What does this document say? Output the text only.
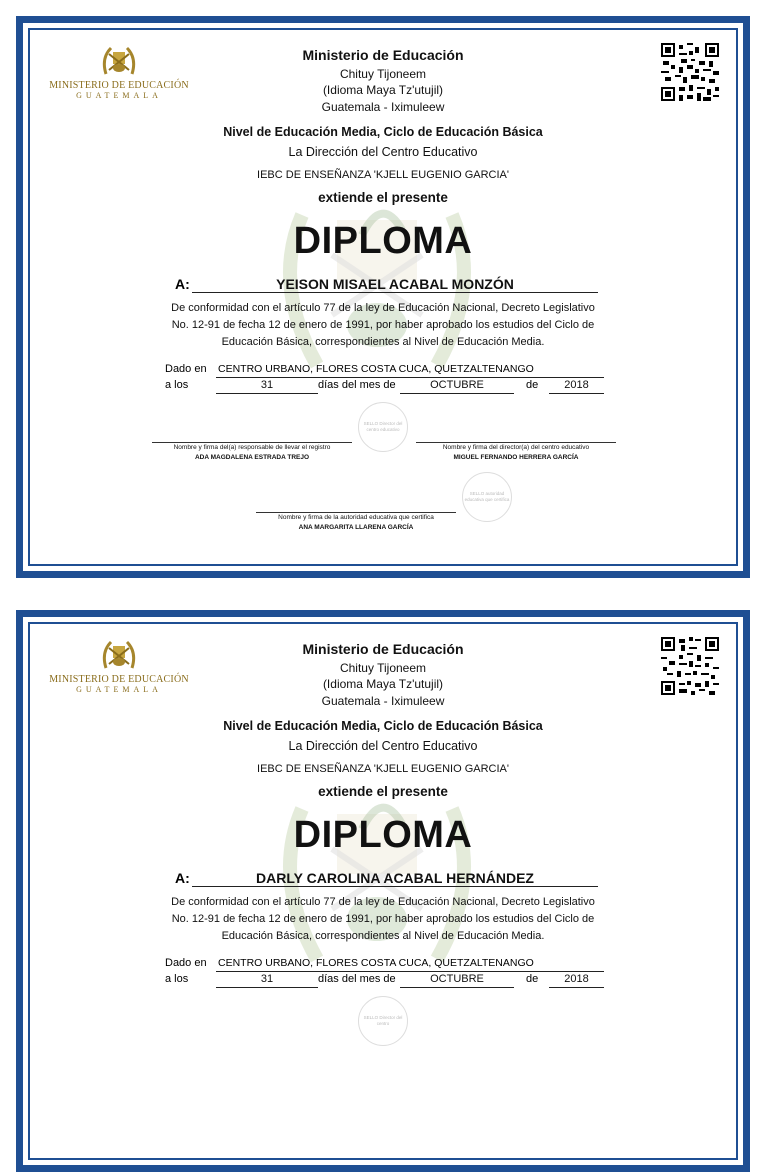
MINISTERIO DE EDUCACIÓN
GUATEMALA
Ministerio de Educación
Chituy Tijoneem
(Idioma Maya Tz'utujil)
Guatemala - Iximuleew
Nivel de Educación Media, Ciclo de Educación Básica
La Dirección del Centro Educativo
IEBC DE ENSEÑANZA 'KJELL EUGENIO GARCIA'
extiende el presente
DIPLOMA
A:	YEISON MISAEL ACABAL MONZÓN
De conformidad con el artículo 77 de la ley de Educación Nacional, Decreto Legislativo
No. 12-91 de fecha 12 de enero de 1991, por haber aprobado los estudios del Ciclo de
Educación Básica, correspondientes al Nivel de Educación Media.
Dado en CENTRO URBANO, FLORES COSTA CUCA, QUETZALTENANGO
a los	31	días del mes de	OCTUBRE	de	2018
SELLO Director del centro educativo
Nombre y firma del(a) responsable de llevar el registro
ADA MAGDALENA ESTRADA TREJO
Nombre y firma del director(a) del centro educativo
MIGUEL FERNANDO HERRERA GARCÍA
SELLO autoridad educativa que certifica
Nombre y firma de la autoridad educativa que certifica
ANA MARGARITA LLARENA GARCÍA
MINISTERIO DE EDUCACIÓN
GUATEMALA
Ministerio de Educación
Chituy Tijoneem
(Idioma Maya Tz'utujil)
Guatemala - Iximuleew
Nivel de Educación Media, Ciclo de Educación Básica
La Dirección del Centro Educativo
IEBC DE ENSEÑANZA 'KJELL EUGENIO GARCIA'
extiende el presente
DIPLOMA
A:	DARLY CAROLINA ACABAL HERNÁNDEZ
De conformidad con el artículo 77 de la ley de Educación Nacional, Decreto Legislativo
No. 12-91 de fecha 12 de enero de 1991, por haber aprobado los estudios del Ciclo de
Educación Básica, correspondientes al Nivel de Educación Media.
Dado en CENTRO URBANO, FLORES COSTA CUCA, QUETZALTENANGO
a los	31	días del mes de	OCTUBRE	de	2018
SELLO Director del centro
